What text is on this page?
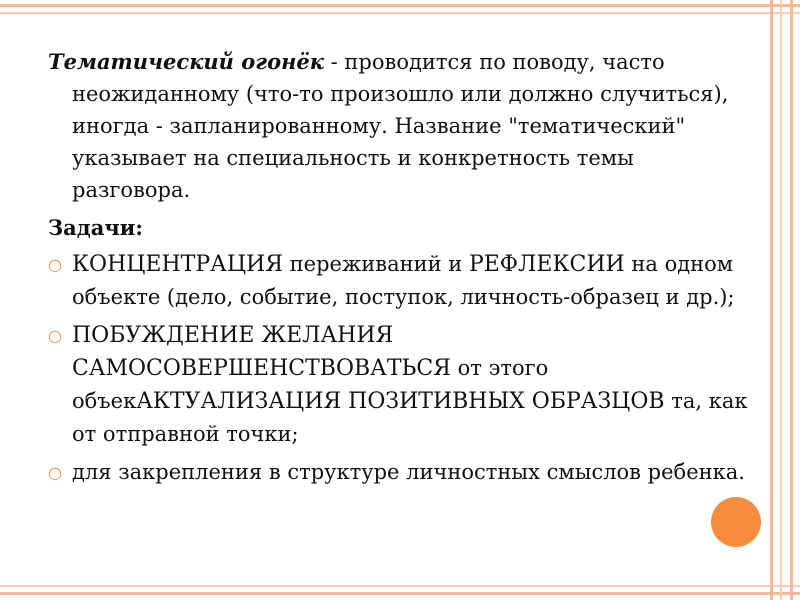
Тематический огонёк - проводится по поводу, часто неожиданному (что-то произошло или должно случиться), иногда - запланированному. Название "тематический" указывает на специальность и конкретность темы разговора.

Задачи:

○ КОНЦЕНТРАЦИЯ переживаний и РЕФЛЕКСИИ на одном объекте (дело, событие, поступок, личность-образец и др.);
○ ПОБУЖДЕНИЕ ЖЕЛАНИЯ САМОСОВЕРШЕНСТВОВАТЬСЯ от этого объекАКТУАЛИЗАЦИЯ ПОЗИТИВНЫХ ОБРАЗЦОВ та, как от отправной точки;
○ для закрепления в структуре личностных смыслов ребенка.
